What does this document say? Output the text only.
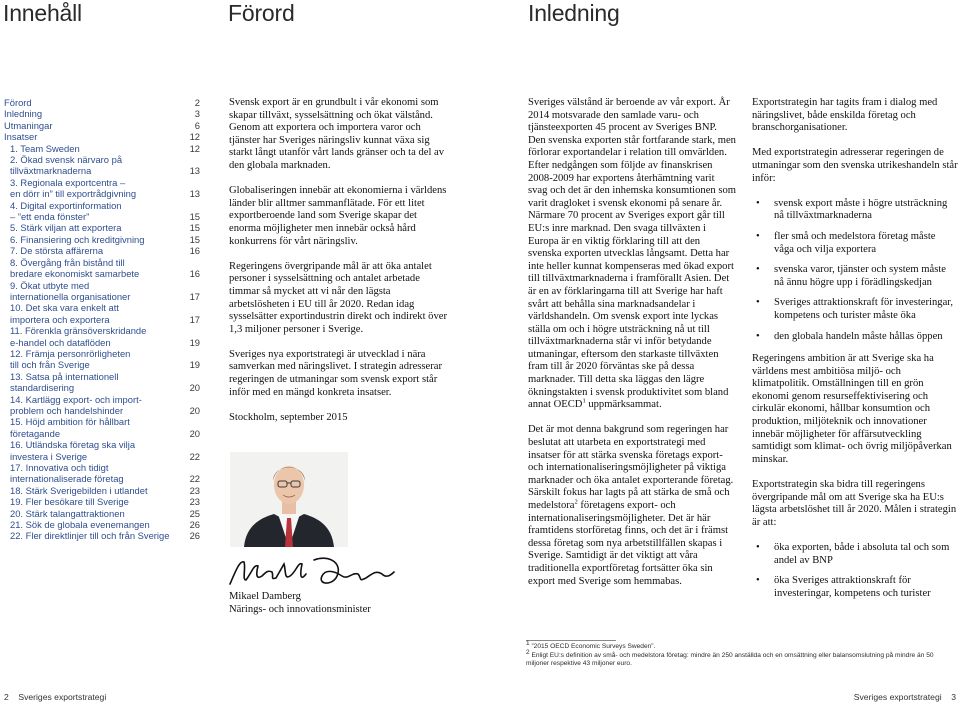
Innehåll	Förord	Inledning
Förord	2
Inledning	3
Utmaningar	6
Insatser	12
1. Team Sweden	12
2. Ökad svensk närvaro på
tillväxtmarknaderna	13
3. Regionala exportcentra –
en dörr in” till exportrådgivning	13
4. Digital exportinformation
– ”ett enda fönster”	15
5. Stärk viljan att exportera	15
6. Finansiering och kreditgivning	15
7. De största affärerna	16
8. Övergång från bistånd till
bredare ekonomiskt samarbete	16
9. Ökat utbyte med
internationella organisationer	17
10. Det ska vara enkelt att
importera och exportera	17
11. Förenkla gränsöverskridande
e-handel och dataflöden	19
12. Främja personrörligheten
till och från Sverige	19
13. Satsa på internationell
standardisering	20
14. Kartlägg export- och import-
problem och handelshinder	20
15. Höjd ambition för hållbart
företagande	20
16. Utländska företag ska vilja
investera i Sverige	22
17. Innovativa och tidigt
internationaliserade företag	22
18. Stärk Sverigebilden i utlandet	23
19. Fler besökare till Sverige	23
20. Stärk talangattraktionen	25
21. Sök de globala evenemangen	26
22. Fler direktlinjer till och från Sverige	26

Svensk export är en grundbult i vår ekonomi som skapar tillväxt, sysselsättning och ökat välstånd. Genom att exportera och importera varor och tjänster har Sveriges näringsliv kunnat växa sig starkt långt utanför vårt lands gränser och ta del av den globala marknaden.

Globaliseringen innebär att ekonomierna i världens länder blir alltmer sammanflätade. För ett litet exportberoende land som Sverige skapar det enorma möjligheter men innebär också hård konkurrens för vårt näringsliv.

Regeringens övergripande mål är att öka antalet personer i sysselsättning och antalet arbetade timmar så mycket att vi når den lägsta arbetslösheten i EU till år 2020. Redan idag sysselsätter exportindustrin direkt och indirekt över 1,3 miljoner personer i Sverige.

Sveriges nya exportstrategi är utvecklad i nära samverkan med näringslivet. I strategin adresserar regeringen de utmaningar som svensk export står inför med en mängd konkreta insatser.

Stockholm, september 2015

Mikael Damberg

Närings- och innovationsminister

Sveriges välstånd är beroende av vår export. År 2014 motsvarade den samlade varu- och tjänsteexporten 45 procent av Sveriges BNP. Den svenska exporten står fortfarande stark, men förlorar exportandelar i relation till omvärlden. Efter nedgången som följde av finanskrisen 2008-2009 har exportens återhämtning varit svag och det är den inhemska konsumtionen som varit dragloket i svensk ekonomi på senare år. Närmare 70 procent av Sveriges export går till EU:s inre marknad. Den svaga tillväxten i Europa är en viktig förklaring till att den svenska exporten utvecklas långsamt. Detta har inte heller kunnat kompenseras med ökad export till tillväxtmarknaderna i framförallt Asien. Det är en av förklaringarna till att Sverige har haft svårt att behålla sina marknadsandelar i världshandeln. Om svensk export inte lyckas ställa om och i högre utsträckning nå ut till tillväxtmarknaderna står vi inför betydande utmaningar, eftersom den starkaste tillväxten fram till år 2020 förväntas ske på dessa marknader. Till detta ska läggas den lägre ökningstakten i svensk produktivitet som bland annat OECD$^1$ uppmärksammat.

Det är mot denna bakgrund som regeringen har beslutat att utarbeta en exportstrategi med insatser för att stärka svenska företags export- och internationaliseringsmöjligheter på viktiga marknader och öka antalet exporterande företag. Särskilt fokus har lagts på att stärka de små och medelstora$^2$ företagens export- och internationaliseringsmöjligheter. Det är här framtidens storföretag finns, och det är i främst dessa företag som nya arbetstillfällen skapas i Sverige. Samtidigt är det viktigt att våra traditionella exportföretag fortsätter öka sin export med Sverige som hemmabas.

Exportstrategin har tagits fram i dialog med näringslivet, både enskilda företag och branschorganisationer.

Med exportstrategin adresserar regeringen de utmaningar som den svenska utrikeshandeln står inför:

• svensk export måste i högre utsträckning nå tillväxtmarknaderna
• fler små och medelstora företag måste våga och vilja exportera
• svenska varor, tjänster och system måste nå ännu högre upp i förädlingskedjan
• Sveriges attraktionskraft för investeringar, kompetens och turister måste öka
• den globala handeln måste hållas öppen

Regeringens ambition är att Sverige ska ha världens mest ambitiösa miljö- och klimatpolitik. Omställningen till en grön ekonomi genom resurseffektivisering och cirkulär ekonomi, hållbar konsumtion och produktion, miljöteknik och innovationer innebär möjligheter för affärsutveckling samtidigt som klimat- och övrig miljöpåverkan minskar.

Exportstrategin ska bidra till regeringens övergripande mål om att Sverige ska ha EU:s lägsta arbetslöshet till år 2020. Målen i strategin är att:

• öka exporten, både i absoluta tal och som andel av BNP
• öka Sveriges attraktionskraft för investeringar, kompetens och turister
$^1$ ”2015 OECD Economic Surveys Sweden”.
$^2$ Enligt EU:s definition av små- och medelstora företag: mindre än 250 anställda och en omsättning eller balansomslutning på mindre än 50 miljoner respektive 43 miljoner euro.
2 Sveriges exportstrategi	Sveriges exportstrategi 3
